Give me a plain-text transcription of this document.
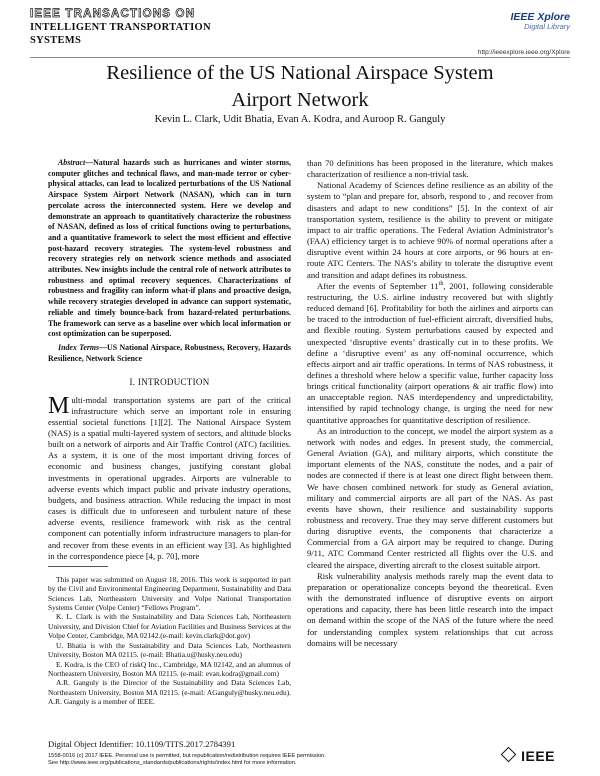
IEEE TRANSACTIONS ON
INTELLIGENT TRANSPORTATION
SYSTEMS
IEEE Xplore
Digital Library
http://ieeexplore.ieee.org/Xplore
Resilience of the US National Airspace System
Airport Network
Kevin L. Clark, Udit Bhatia, Evan A. Kodra, and Auroop R. Ganguly
Abstract—Natural hazards such as hurricanes and winter storms, computer glitches and technical flaws, and man-made terror or cyber-physical attacks, can lead to localized perturbations of the US National Airspace System Airport Network (NASAN), which can in turn percolate across the interconnected system. Here we develop and demonstrate an approach to quantitatively characterize the robustness of NASAN, defined as loss of critical functions owing to perturbations, and a quantitative framework to select the most efficient and effective post-hazard recovery strategies. The system-level robustness and recovery strategies rely on network science methods and associated attributes. New insights include the central role of network attributes to robustness and optimal recovery sequences. Characterizations of robustness and fragility can inform what-if plans and proactive design, while recovery strategies developed in advance can support systematic, reliable and timely bounce-back from hazard-related perturbations. The framework can serve as a baseline over which local information or cost optimization can be superposed.
Index Terms—US National Airspace, Robustness, Recovery, Hazards Resilience, Network Science
I. INTRODUCTION

Multi-modal transportation systems are part of the critical infrastructure which serve an important role in ensuring essential societal functions [1][2]. The National Airspace System (NAS) is a spatial multi-layered system of sectors, and altitude blocks built on a network of airports and Air Traffic Control (ATC) facilities. As a system, it is one of the most important driving forces of economic and business changes, justifying constant global investments in operational upgrades. Airports are vulnerable to adverse events which impact public and private industry operations, budgets, and business attraction. While reducing the impact in most cases is difficult due to unforeseen and turbulent nature of these adverse events, resilience framework with risk as the central component can potentially inform infrastructure managers to plan-for and recover from these events in an efficient way [3]. As highlighted in the correspondence piece [4, p. 70], more

This paper was submitted on August 18, 2016. This work is supported in part by the Civil and Environmental Engineering Department, Sustainability and Data Sciences Lab, Northeastern University and Volpe National Transportation Systems Center (Volpe Center) “Fellows Program”.

K. L. Clark is with the Sustainability and Data Sciences Lab, Northeastern University, and Division Chief for Aviation Facilities and Business Services at the Volpe Center, Cambridge, MA 02142.(e-mail: kevin.clark@dot.gov)

U. Bhatia is with the Sustainability and Data Sciences Lab, Northeastern University, Boston MA 02115. (e-mail: Bhatia.u@husky.neu.edu)

E. Kodra, is the CEO of riskQ Inc., Cambridge, MA 02142, and an alumnus of Northeastern University, Boston MA 02115. (e-mail: evan.kodra@gmail.com)

A.R. Ganguly is the Director of the Sustainability and Data Sciences Lab, Northeastern University, Boston MA 02115. (e-mail: AGanguly@husky.neu.edu). A.R. Ganguly is a member of IEEE.

than 70 definitions has been proposed in the literature, which makes characterization of resilience a non-trivial task.

National Academy of Sciences define resilience as an ability of the system to “plan and prepare for, absorb, respond to , and recover from disasters and adapt to new conditions” [5]. In the context of air transportation system, resilience is the ability to prevent or mitigate impact to air traffic operations. The Federal Aviation Administrator’s (FAA) efficiency target is to achieve 90% of normal operations after a disruptive event within 24 hours at core airports, or 96 hours at en-route ATC Centers. The NAS’s ability to tolerate the disruptive event and transition and adapt defines its robustness.

After the events of September 11th, 2001, following considerable restructuring, the U.S. airline industry recovered but with slightly reduced demand [6]. Profitability for both the airlines and airports can be traced to the introduction of fuel-efficient aircraft, diversified hubs, and flexible routing. System perturbations caused by expected and unexpected ‘disruptive events’ drastically cut in to these profits. We define a ‘disruptive event’ as any off-nominal occurrence, which effects airport and air traffic operations. In terms of NAS robustness, it defines a threshold where below a specific value, further capacity loss brings critical functionality (airport operations & air traffic flow) into an unacceptable region. NAS interdependency and unpredictability, intensified by rapid technology change, is urging the need for new quantitative approaches for quantitative description of resilience.

As an introduction to the concept, we model the airport system as a network with nodes and edges. In present study, the commercial, General Aviation (GA), and military airports, which constitute the important elements of the NAS, constitute the nodes, and a pair of nodes are connected if there is at least one direct flight between them. We have chosen combined network for study as General aviation, military and commercial airports are all part of the NAS. As past events have shown, their resilience and sustainability supports robustness and recovery. True they may serve different customers but during disruptive events, the components that characterize a Commercial from a GA airport may be required to change. During 9/11, ATC Command Center restricted all flights over the U.S. and cleared the airspace, diverting aircraft to the closest suitable airport.

Risk vulnerability analysis methods rarely map the event data to preparation or operationalize concepts beyond the theoretical. Even with the demonstrated influence of disruptive events on airport operations and capacity, there has been little research into the impact on demand within the scope of the NAS of the future where the need for understanding complex system relationships that cut across domains will be necessary

Digital Object Identifier: 10.1109/TITS.2017.2784391
1558-0016 (c) 2017 IEEE. Personal use is permitted, but republication/redistribution requires IEEE permission.
See http://www.ieee.org/publications_standards/publications/rights/index.html for more information.	IEEE
